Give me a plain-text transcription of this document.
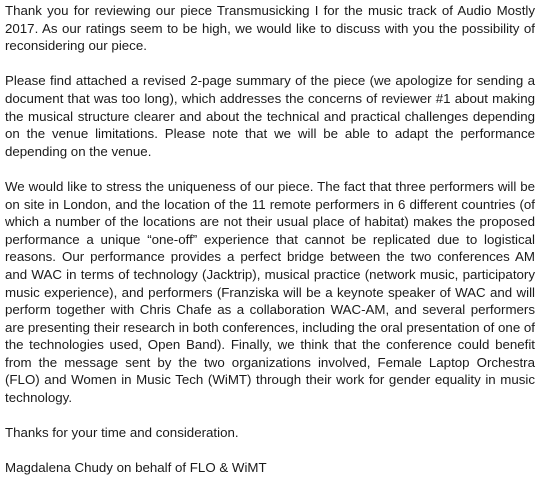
Thank you for reviewing our piece Transmusicking I for the music track of Audio Mostly 2017. As our ratings seem to be high, we would like to discuss with you the possibility of reconsidering our piece.

Please find attached a revised 2-page summary of the piece (we apologize for sending a document that was too long), which addresses the concerns of reviewer #1 about making the musical structure clearer and about the technical and practical challenges depending on the venue limitations. Please note that we will be able to adapt the performance depending on the venue.

We would like to stress the uniqueness of our piece. The fact that three performers will be on site in London, and the location of the 11 remote performers in 6 different countries (of which a number of the locations are not their usual place of habitat) makes the proposed performance a unique “one-off” experience that cannot be replicated due to logistical reasons. Our performance provides a perfect bridge between the two conferences AM and WAC in terms of technology (Jacktrip), musical practice (network music, participatory music experience), and performers (Franziska will be a keynote speaker of WAC and will perform together with Chris Chafe as a collaboration WAC-AM, and several performers are presenting their research in both conferences, including the oral presentation of one of the technologies used, Open Band). Finally, we think that the conference could benefit from the message sent by the two organizations involved, Female Laptop Orchestra (FLO) and Women in Music Tech (WiMT) through their work for gender equality in music technology.

Thanks for your time and consideration.

Magdalena Chudy on behalf of FLO & WiMT
